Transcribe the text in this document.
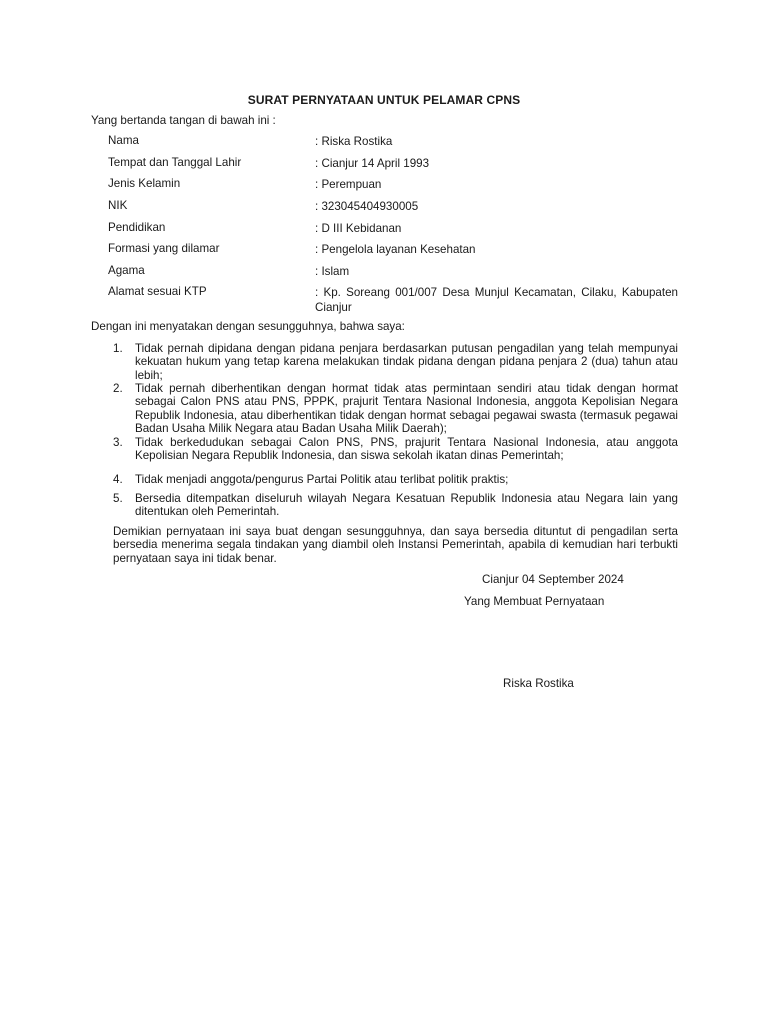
SURAT PERNYATAAN UNTUK PELAMAR CPNS
Yang bertanda tangan di bawah ini :
Nama	: Riska Rostika
Tempat dan Tanggal Lahir	: Cianjur 14 April 1993
Jenis Kelamin	: Perempuan
NIK	: 323045404930005
Pendidikan	: D III Kebidanan
Formasi yang dilamar	: Pengelola layanan Kesehatan
Agama	: Islam
Alamat sesuai KTP	: Kp. Soreang 001/007 Desa Munjul Kecamatan, Cilaku, Kabupaten Cianjur
Dengan ini menyatakan dengan sesungguhnya, bahwa saya:
1. Tidak pernah dipidana dengan pidana penjara berdasarkan putusan pengadilan yang telah mempunyai kekuatan hukum yang tetap karena melakukan tindak pidana dengan pidana penjara 2 (dua) tahun atau lebih;
2. Tidak pernah diberhentikan dengan hormat tidak atas permintaan sendiri atau tidak dengan hormat sebagai Calon PNS atau PNS, PPPK, prajurit Tentara Nasional Indonesia, anggota Kepolisian Negara Republik Indonesia, atau diberhentikan tidak dengan hormat sebagai pegawai swasta (termasuk pegawai Badan Usaha Milik Negara atau Badan Usaha Milik Daerah);
3. Tidak berkedudukan sebagai Calon PNS, PNS, prajurit Tentara Nasional Indonesia, atau anggota Kepolisian Negara Republik Indonesia, dan siswa sekolah ikatan dinas Pemerintah;
4. Tidak menjadi anggota/pengurus Partai Politik atau terlibat politik praktis;
5. Bersedia ditempatkan diseluruh wilayah Negara Kesatuan Republik Indonesia atau Negara lain yang ditentukan oleh Pemerintah.
Demikian pernyataan ini saya buat dengan sesungguhnya, dan saya bersedia dituntut di pengadilan serta bersedia menerima segala tindakan yang diambil oleh Instansi Pemerintah, apabila di kemudian hari terbukti pernyataan saya ini tidak benar.
Cianjur 04 September 2024
Yang Membuat Pernyataan
Riska Rostika
